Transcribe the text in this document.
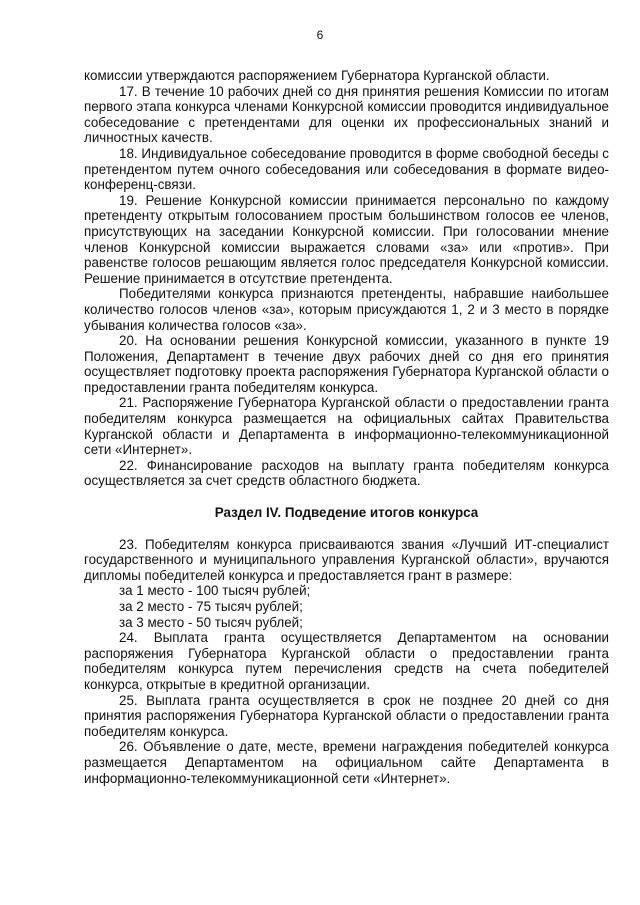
6

комиссии утверждаются распоряжением Губернатора Курганской области.

17. В течение 10 рабочих дней со дня принятия решения Комиссии по итогам первого этапа конкурса членами Конкурсной комиссии проводится индивидуальное собеседование с претендентами для оценки их профессиональных знаний и личностных качеств.

18. Индивидуальное собеседование проводится в форме свободной беседы с претендентом путем очного собеседования или собеседования в формате видео-конференц-связи.

19. Решение Конкурсной комиссии принимается персонально по каждому претенденту открытым голосованием простым большинством голосов ее членов, присутствующих на заседании Конкурсной комиссии. При голосовании мнение членов Конкурсной комиссии выражается словами «за» или «против». При равенстве голосов решающим является голос председателя Конкурсной комиссии. Решение принимается в отсутствие претендента.

Победителями конкурса признаются претенденты, набравшие наибольшее количество голосов членов «за», которым присуждаются 1, 2 и 3 место в порядке убывания количества голосов «за».

20. На основании решения Конкурсной комиссии, указанного в пункте 19 Положения, Департамент в течение двух рабочих дней со дня его принятия осуществляет подготовку проекта распоряжения Губернатора Курганской области о предоставлении гранта победителям конкурса.

21. Распоряжение Губернатора Курганской области о предоставлении гранта победителям конкурса размещается на официальных сайтах Правительства Курганской области и Департамента в информационно-телекоммуникационной сети «Интернет».

22. Финансирование расходов на выплату гранта победителям конкурса осуществляется за счет средств областного бюджета.

Раздел IV. Подведение итогов конкурса

23. Победителям конкурса присваиваются звания «Лучший ИТ-специалист государственного и муниципального управления Курганской области», вручаются дипломы победителей конкурса и предоставляется грант в размере:

за 1 место - 100 тысяч рублей;

за 2 место - 75 тысяч рублей;

за 3 место - 50 тысяч рублей;

24. Выплата гранта осуществляется Департаментом на основании распоряжения Губернатора Курганской области о предоставлении гранта победителям конкурса путем перечисления средств на счета победителей конкурса, открытые в кредитной организации.

25. Выплата гранта осуществляется в срок не позднее 20 дней со дня принятия распоряжения Губернатора Курганской области о предоставлении гранта победителям конкурса.

26. Объявление о дате, месте, времени награждения победителей конкурса размещается Департаментом на официальном сайте Департамента в информационно-телекоммуникационной сети «Интернет».
